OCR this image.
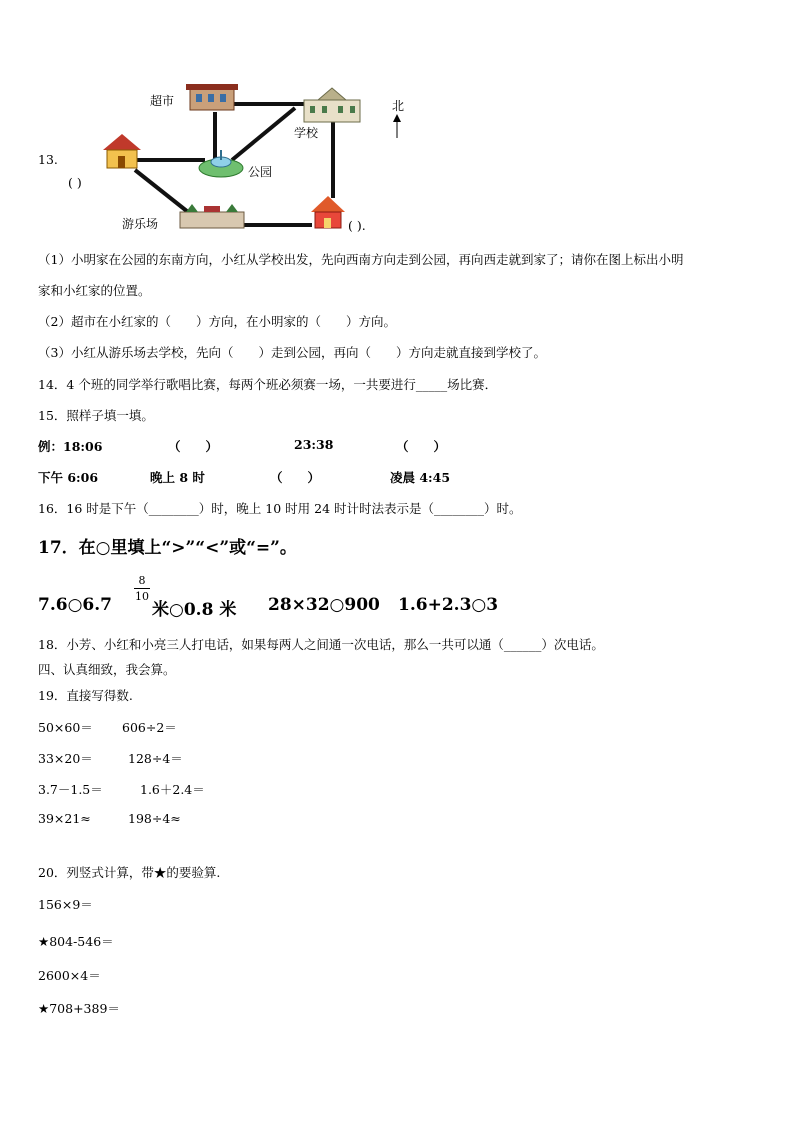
13.
超市
学校
公园
游乐场
北
( )
( ).
（1）小明家在公园的东南方向，小红从学校出发，先向西南方向走到公园，再向西走就到家了；请你在图上标出小明
家和小红家的位置。
（2）超市在小红家的（　　）方向，在小明家的（　　）方向。
（3）小红从游乐场去学校，先向（　　）走到公园，再向（　　）方向走就直接到学校了。
14．4 个班的同学举行歌唱比赛，每两个班必须赛一场，一共要进行_____场比赛．
15．照样子填一填。
例：18:06	（　　）	23:38	（　　）
下午 6:06	晚上 8 时	（　　）	凌晨 4:45
16．16 时是下午（________）时，晚上 10 时用 24 时计时法表示是（________）时。
17．在○里填上“>”“<”或“=”。
7.6○6.7
8
10
米○0.8 米 28×32○900 1.6+2.3○3
18．小芳、小红和小亮三人打电话，如果每两人之间通一次电话，那么一共可以通（______）次电话。
四、认真细致，我会算。
19．直接写得数.
50×60＝ 606÷2＝
33×20＝	128÷4＝
3.7－1.5＝	1.6＋2.4＝
39×21≈	198÷4≈
20．列竖式计算，带★的要验算.
156×9＝
★804-546＝
2600×4＝
★708+389＝
